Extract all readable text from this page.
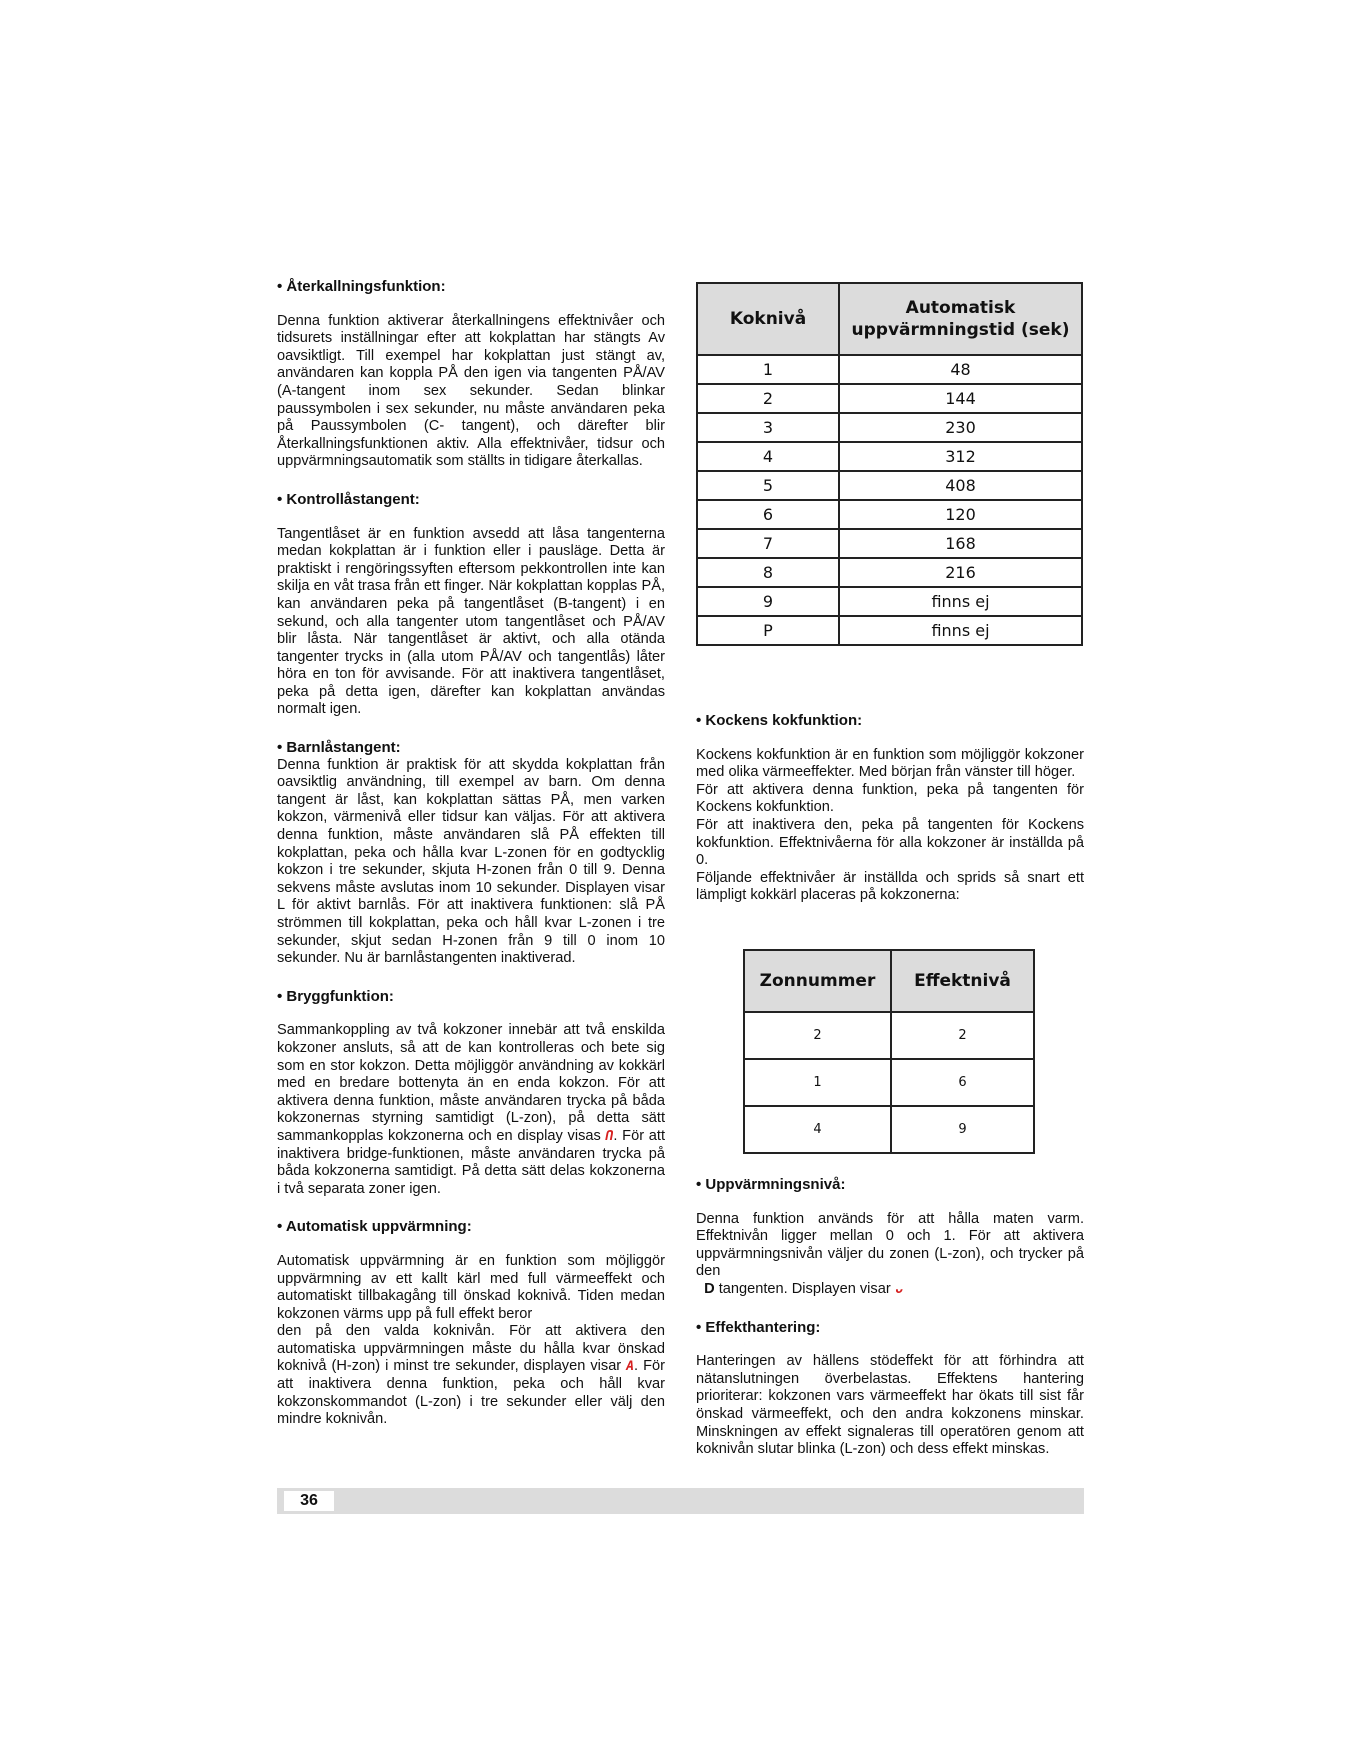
• Återkallningsfunktion:

Denna funktion aktiverar återkallningens effektnivåer och tidsurets inställningar efter att kokplattan har stängts Av oavsiktligt. Till exempel har kokplattan just stängt av, användaren kan koppla PÅ den igen via tangenten PÅ/AV (A-tangent inom sex sekunder. Sedan blinkar paussymbolen i sex sekunder, nu måste användaren peka på Paussymbolen (C- tangent), och därefter blir Återkallningsfunktionen aktiv. Alla effektnivåer, tidsur och uppvärmningsautomatik som ställts in tidigare återkallas.

• Kontrollåstangent:

Tangentlåset är en funktion avsedd att låsa tangenterna medan kokplattan är i funktion eller i pausläge. Detta är praktiskt i rengöringssyften eftersom pekkontrollen inte kan skilja en våt trasa från ett finger. När kokplattan kopplas PÅ, kan användaren peka på tangentlåset (B-tangent) i en sekund, och alla tangenter utom tangentlåset och PÅ/AV blir låsta. När tangentlåset är aktivt, och alla otända tangenter trycks in (alla utom PÅ/AV och tangentlås) låter höra en ton för avvisande. För att inaktivera tangentlåset, peka på detta igen, därefter kan kokplattan användas normalt igen.

• Barnlåstangent:

Denna funktion är praktisk för att skydda kokplattan från oavsiktlig användning, till exempel av barn. Om denna tangent är låst, kan kokplattan sättas PÅ, men varken kokzon, värmenivå eller tidsur kan väljas. För att aktivera denna funktion, måste användaren slå PÅ effekten till kokplattan, peka och hålla kvar L-zonen för en godtycklig kokzon i tre sekunder, skjuta H-zonen från 0 till 9. Denna sekvens måste avslutas inom 10 sekunder. Displayen visar L för aktivt barnlås. För att inaktivera funktionen: slå PÅ strömmen till kokplattan, peka och håll kvar L-zonen i tre sekunder, skjut sedan H-zonen från 9 till 0 inom 10 sekunder. Nu är barnlåstangenten inaktiverad.

• Bryggfunktion:

Sammankoppling av två kokzoner innebär att två enskilda kokzoner ansluts, så att de kan kontrolleras och bete sig som en stor kokzon. Detta möjliggör användning av kokkärl med en bredare bottenyta än en enda kokzon. För att aktivera denna funktion, måste användaren trycka på båda kokzonernas styrning samtidigt (L-zon), på detta sätt sammankopplas kokzonerna och en display visas Ո. För att inaktivera bridge-funktionen, måste användaren trycka på båda kokzonerna samtidigt. På detta sätt delas kokzonerna i två separata zoner igen.

• Automatisk uppvärmning:

Automatisk uppvärmning är en funktion som möjliggör uppvärmning av ett kallt kärl med full värmeeffekt och automatiskt tillbakagång till önskad koknivå. Tiden medan kokzonen värms upp på full effekt beror

den på den valda koknivån. För att aktivera den automatiska uppvärmningen måste du hålla kvar önskad koknivå (H-zon) i minst tre sekunder, displayen visar A. För att inaktivera denna funktion, peka och håll kvar kokzonskommandot (L-zon) i tre sekunder eller välj den mindre koknivån.

Koknivå	Automatisk
uppvärmningstid (sek)
1	48
2	144
3	230
4	312
5	408
6	120
7	168
8	216
9	finns ej
P	finns ej

• Kockens kokfunktion:

Kockens kokfunktion är en funktion som möjliggör kokzoner med olika värmeeffekter. Med början från vänster till höger.

För att aktivera denna funktion, peka på tangenten för Kockens kokfunktion.

För att inaktivera den, peka på tangenten för Kockens kokfunktion. Effektnivåerna för alla kokzoner är inställda på 0.

Följande effektnivåer är inställda och sprids så snart ett lämpligt kokkärl placeras på kokzonerna:

Zonnummer	Effektnivå
2	2
1	6
4	9

• Uppvärmningsnivå:

Denna funktion används för att hålla maten varm. Effektnivån ligger mellan 0 och 1. För att aktivera uppvärmningsnivån väljer du zonen (L-zon), och trycker på den
D tangenten. Displayen visar ᴗ

• Effekthantering:

Hanteringen av hällens stödeffekt för att förhindra att nätanslutningen överbelastas. Effektens hantering prioriterar: kokzonen vars värmeeffekt har ökats till sist får önskad värmeeffekt, och den andra kokzonens minskar. Minskningen av effekt signaleras till operatören genom att koknivån slutar blinka (L-zon) och dess effekt minskas.

36
